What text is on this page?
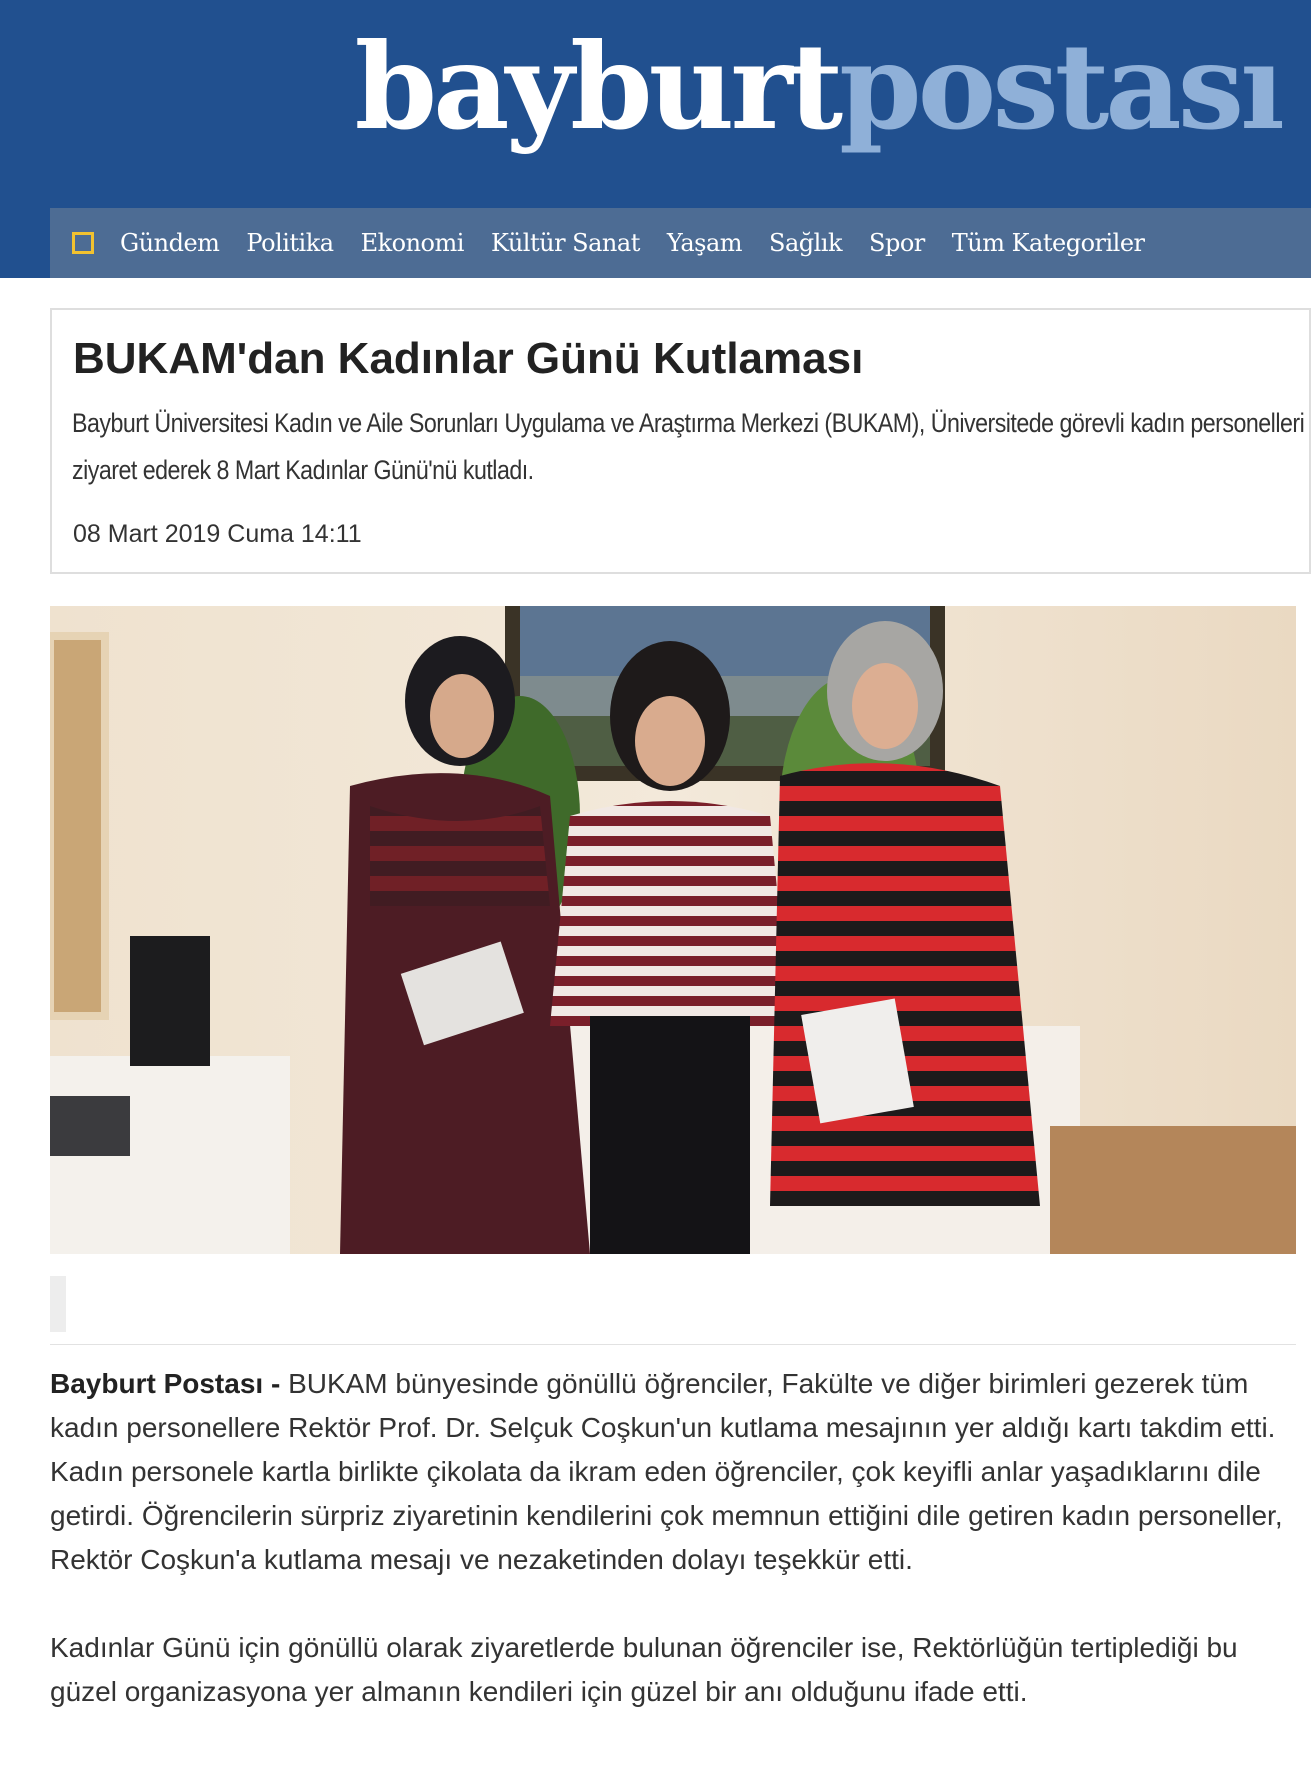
bayburtpostası
Gündem Politika Ekonomi Kültür Sanat Yaşam Sağlık Spor Tüm Kategoriler
BUKAM'dan Kadınlar Günü Kutlaması
Bayburt Üniversitesi Kadın ve Aile Sorunları Uygulama ve Araştırma Merkezi (BUKAM), Üniversitede görevli kadın personelleri ziyaret ederek 8 Mart Kadınlar Günü'nü kutladı.
08 Mart 2019 Cuma 14:11

Bayburt Postası - BUKAM bünyesinde gönüllü öğrenciler, Fakülte ve diğer birimleri gezerek tüm kadın personellere Rektör Prof. Dr. Selçuk Coşkun'un kutlama mesajının yer aldığı kartı takdim etti. Kadın personele kartla birlikte çikolata da ikram eden öğrenciler, çok keyifli anlar yaşadıklarını dile getirdi. Öğrencilerin sürpriz ziyaretinin kendilerini çok memnun ettiğini dile getiren kadın personeller, Rektör Coşkun'a kutlama mesajı ve nezaketinden dolayı teşekkür etti.

Kadınlar Günü için gönüllü olarak ziyaretlerde bulunan öğrenciler ise, Rektörlüğün tertiplediği bu güzel organizasyona yer almanın kendileri için güzel bir anı olduğunu ifade etti.
